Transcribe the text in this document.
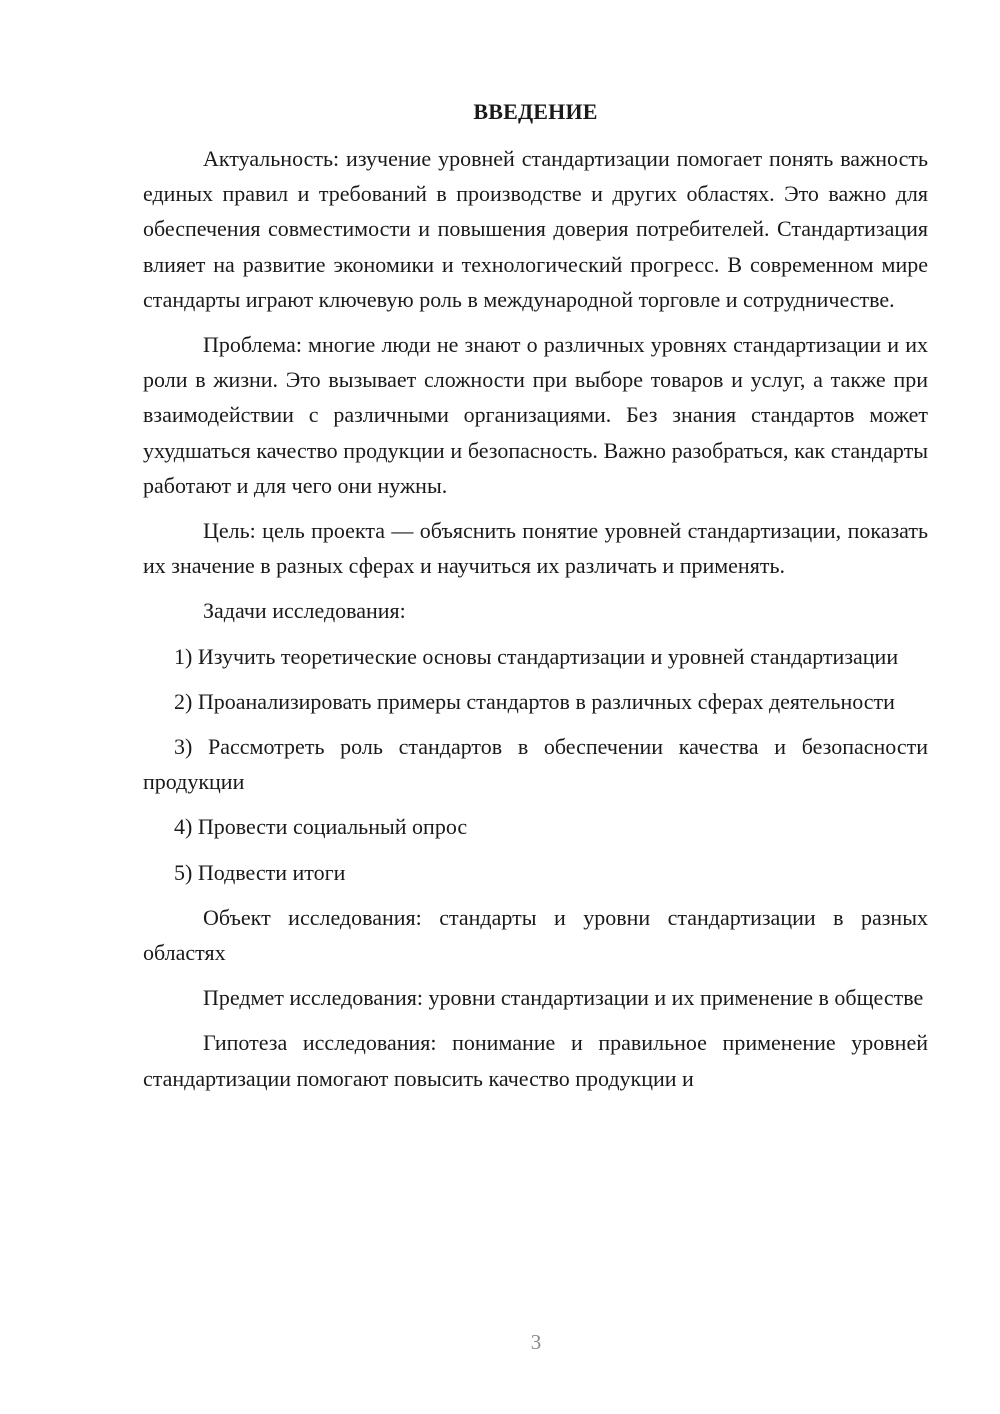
ВВЕДЕНИЕ

Актуальность: изучение уровней стандартизации помогает понять важность единых правил и требований в производстве и других областях. Это важно для обеспечения совместимости и повышения доверия потребителей. Стандартизация влияет на развитие экономики и технологический прогресс. В современном мире стандарты играют ключевую роль в международной торговле и сотрудничестве.

Проблема: многие люди не знают о различных уровнях стандартизации и их роли в жизни. Это вызывает сложности при выборе товаров и услуг, а также при взаимодействии с различными организациями. Без знания стандартов может ухудшаться качество продукции и безопасность. Важно разобраться, как стандарты работают и для чего они нужны.

Цель: цель проекта — объяснить понятие уровней стандартизации, показать их значение в разных сферах и научиться их различать и применять.

Задачи исследования:

1) Изучить теоретические основы стандартизации и уровней стандартизации

2) Проанализировать примеры стандартов в различных сферах деятельности

3) Рассмотреть роль стандартов в обеспечении качества и безопасности продукции

4) Провести социальный опрос

5) Подвести итоги

Объект исследования: стандарты и уровни стандартизации в разных областях

Предмет исследования: уровни стандартизации и их применение в обществе

Гипотеза исследования: понимание и правильное применение уровней стандартизации помогают повысить качество продукции и

3
